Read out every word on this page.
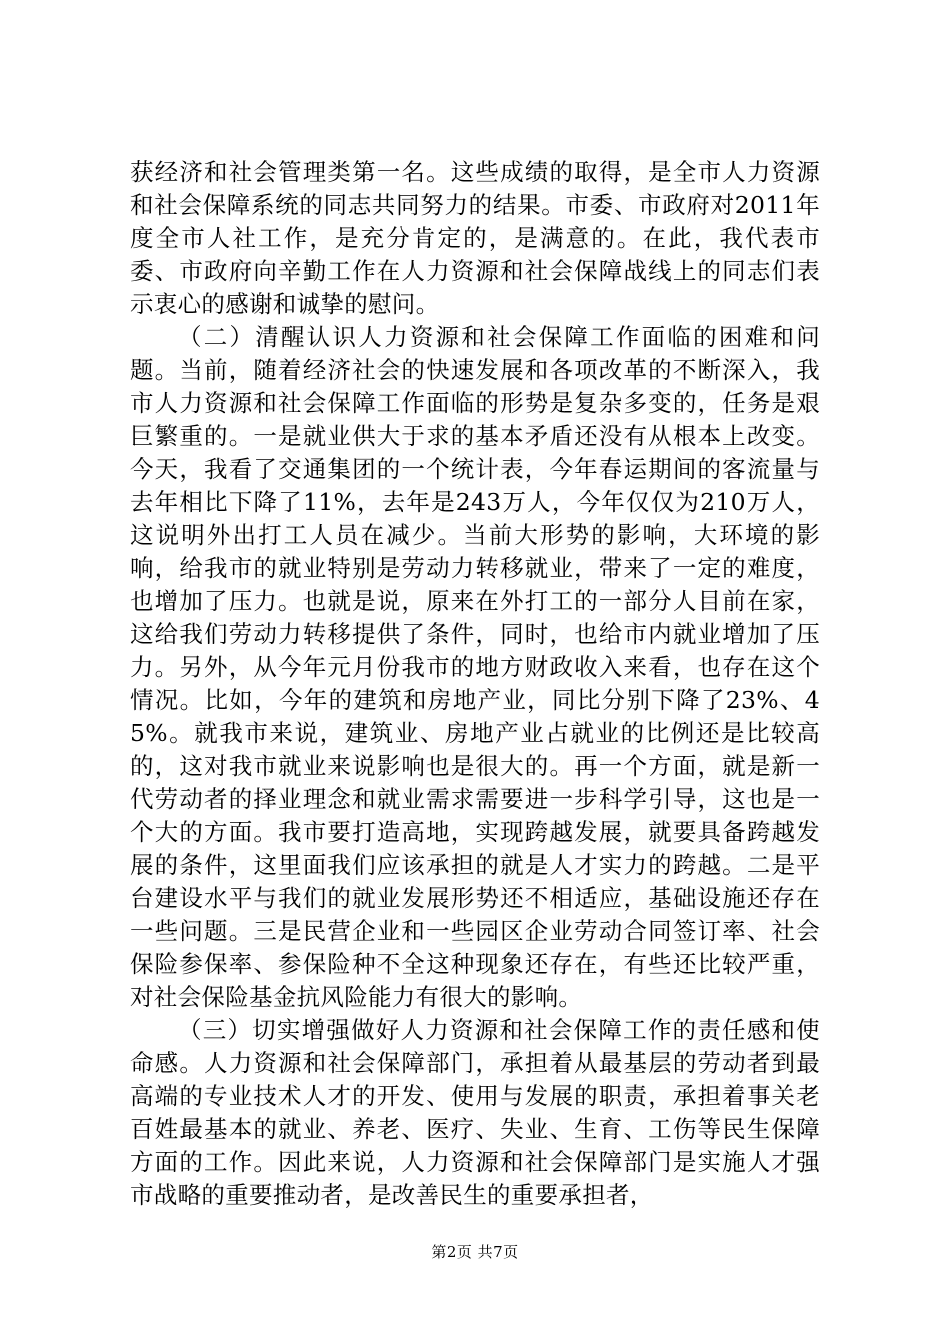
获经济和社会管理类第一名。这些成绩的取得，是全市人力资源和社会保障系统的同志共同努力的结果。市委、市政府对2011年度全市人社工作，是充分肯定的，是满意的。在此，我代表市委、市政府向辛勤工作在人力资源和社会保障战线上的同志们表示衷心的感谢和诚挚的慰问。

（二）清醒认识人力资源和社会保障工作面临的困难和问题。当前，随着经济社会的快速发展和各项改革的不断深入，我市人力资源和社会保障工作面临的形势是复杂多变的，任务是艰巨繁重的。一是就业供大于求的基本矛盾还没有从根本上改变。今天，我看了交通集团的一个统计表，今年春运期间的客流量与去年相比下降了11%，去年是243万人，今年仅仅为210万人，这说明外出打工人员在减少。当前大形势的影响，大环境的影响，给我市的就业特别是劳动力转移就业，带来了一定的难度，也增加了压力。也就是说，原来在外打工的一部分人目前在家，这给我们劳动力转移提供了条件，同时，也给市内就业增加了压力。另外，从今年元月份我市的地方财政收入来看，也存在这个情况。比如，今年的建筑和房地产业，同比分别下降了23%、45%。就我市来说，建筑业、房地产业占就业的比例还是比较高的，这对我市就业来说影响也是很大的。再一个方面，就是新一代劳动者的择业理念和就业需求需要进一步科学引导，这也是一个大的方面。我市要打造高地，实现跨越发展，就要具备跨越发展的条件，这里面我们应该承担的就是人才实力的跨越。二是平台建设水平与我们的就业发展形势还不相适应，基础设施还存在一些问题。三是民营企业和一些园区企业劳动合同签订率、社会保险参保率、参保险种不全这种现象还存在，有些还比较严重，对社会保险基金抗风险能力有很大的影响。

（三）切实增强做好人力资源和社会保障工作的责任感和使命感。人力资源和社会保障部门，承担着从最基层的劳动者到最高端的专业技术人才的开发、使用与发展的职责，承担着事关老百姓最基本的就业、养老、医疗、失业、生育、工伤等民生保障方面的工作。因此来说，人力资源和社会保障部门是实施人才强市战略的重要推动者，是改善民生的重要承担者，

第2页 共7页
